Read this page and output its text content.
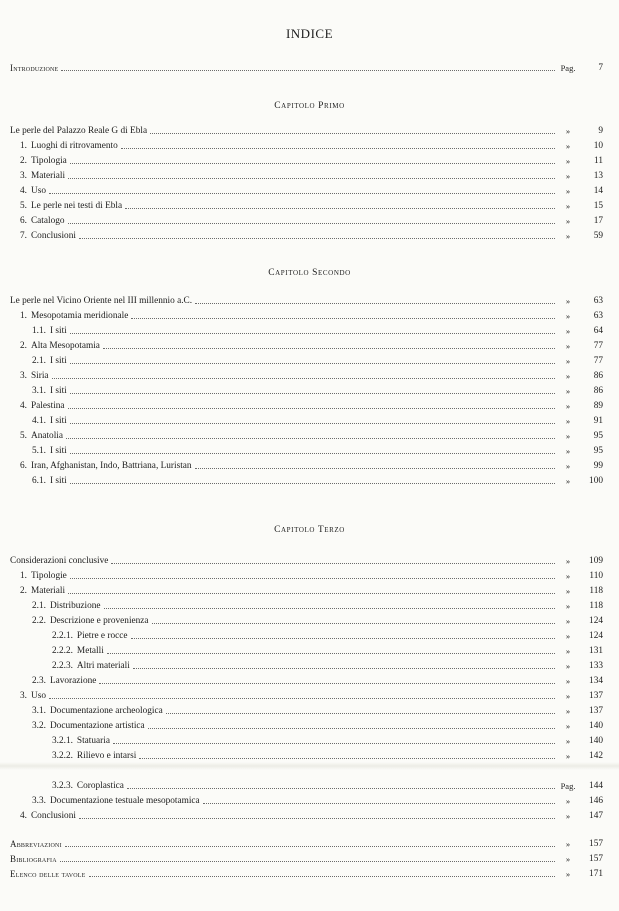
INDICE
Capitolo Primo
Capitolo Secondo
Capitolo Terzo
Introduzione	Pag.	7
Le perle del Palazzo Reale G di Ebla	»	9
1. Luoghi di ritrovamento	»	10
2. Tipologia	»	11
3. Materiali	»	13
4. Uso	»	14
5. Le perle nei testi di Ebla	»	15
6. Catalogo	»	17
7. Conclusioni	»	59
Le perle nel Vicino Oriente nel III millennio a.C.	»	63
1. Mesopotamia meridionale	»	63
1.1. I siti	»	64
2. Alta Mesopotamia	»	77
2.1. I siti	»	77
3. Siria	»	86
3.1. I siti	»	86
4. Palestina	»	89
4.1. I siti	»	91
5. Anatolia	»	95
5.1. I siti	»	95
6. Iran, Afghanistan, Indo, Battriana, Luristan	»	99
6.1. I siti	»	100
Considerazioni conclusive	»	109
1. Tipologie	»	110
2. Materiali	»	118
2.1. Distribuzione	»	118
2.2. Descrizione e provenienza	»	124
2.2.1. Pietre e rocce	»	124
2.2.2. Metalli	»	131
2.2.3. Altri materiali	»	133
2.3. Lavorazione	»	134
3. Uso	»	137
3.1. Documentazione archeologica	»	137
3.2. Documentazione artistica	»	140
3.2.1. Statuaria	»	140
3.2.2. Rilievo e intarsi	»	142
3.2.3. Coroplastica	Pag.	144
3.3. Documentazione testuale mesopotamica	»	146
4. Conclusioni	»	147
Abbreviazioni	»	157
Bibliografia	»	157
Elenco delle tavole	»	171
